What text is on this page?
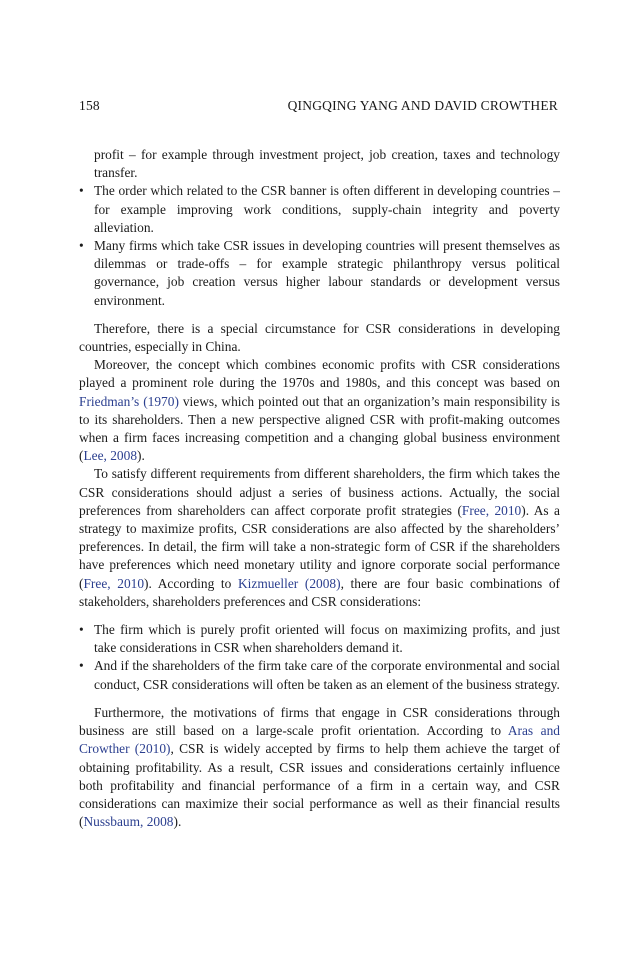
158	QINGQING YANG AND DAVID CROWTHER
profit – for example through investment project, job creation, taxes and technology transfer.
• The order which related to the CSR banner is often different in developing countries – for example improving work conditions, supply-chain integrity and poverty alleviation.
• Many firms which take CSR issues in developing countries will present themselves as dilemmas or trade-offs – for example strategic philanthropy versus political governance, job creation versus higher labour standards or development versus environment.

Therefore, there is a special circumstance for CSR considerations in developing countries, especially in China.

Moreover, the concept which combines economic profits with CSR considerations played a prominent role during the 1970s and 1980s, and this concept was based on Friedman’s (1970) views, which pointed out that an organization’s main responsibility is to its shareholders. Then a new perspective aligned CSR with profit-making outcomes when a firm faces increasing competition and a changing global business environment (Lee, 2008).

To satisfy different requirements from different shareholders, the firm which takes the CSR considerations should adjust a series of business actions. Actually, the social preferences from shareholders can affect corporate profit strategies (Free, 2010). As a strategy to maximize profits, CSR considerations are also affected by the shareholders’ preferences. In detail, the firm will take a non-strategic form of CSR if the shareholders have preferences which need monetary utility and ignore corporate social performance (Free, 2010). According to Kizmueller (2008), there are four basic combinations of stakeholders, shareholders preferences and CSR considerations:

• The firm which is purely profit oriented will focus on maximizing profits, and just take considerations in CSR when shareholders demand it.
• And if the shareholders of the firm take care of the corporate environmental and social conduct, CSR considerations will often be taken as an element of the business strategy.

Furthermore, the motivations of firms that engage in CSR considerations through business are still based on a large-scale profit orientation. According to Aras and Crowther (2010), CSR is widely accepted by firms to help them achieve the target of obtaining profitability. As a result, CSR issues and considerations certainly influence both profitability and financial performance of a firm in a certain way, and CSR considerations can maximize their social performance as well as their financial results (Nussbaum, 2008).
